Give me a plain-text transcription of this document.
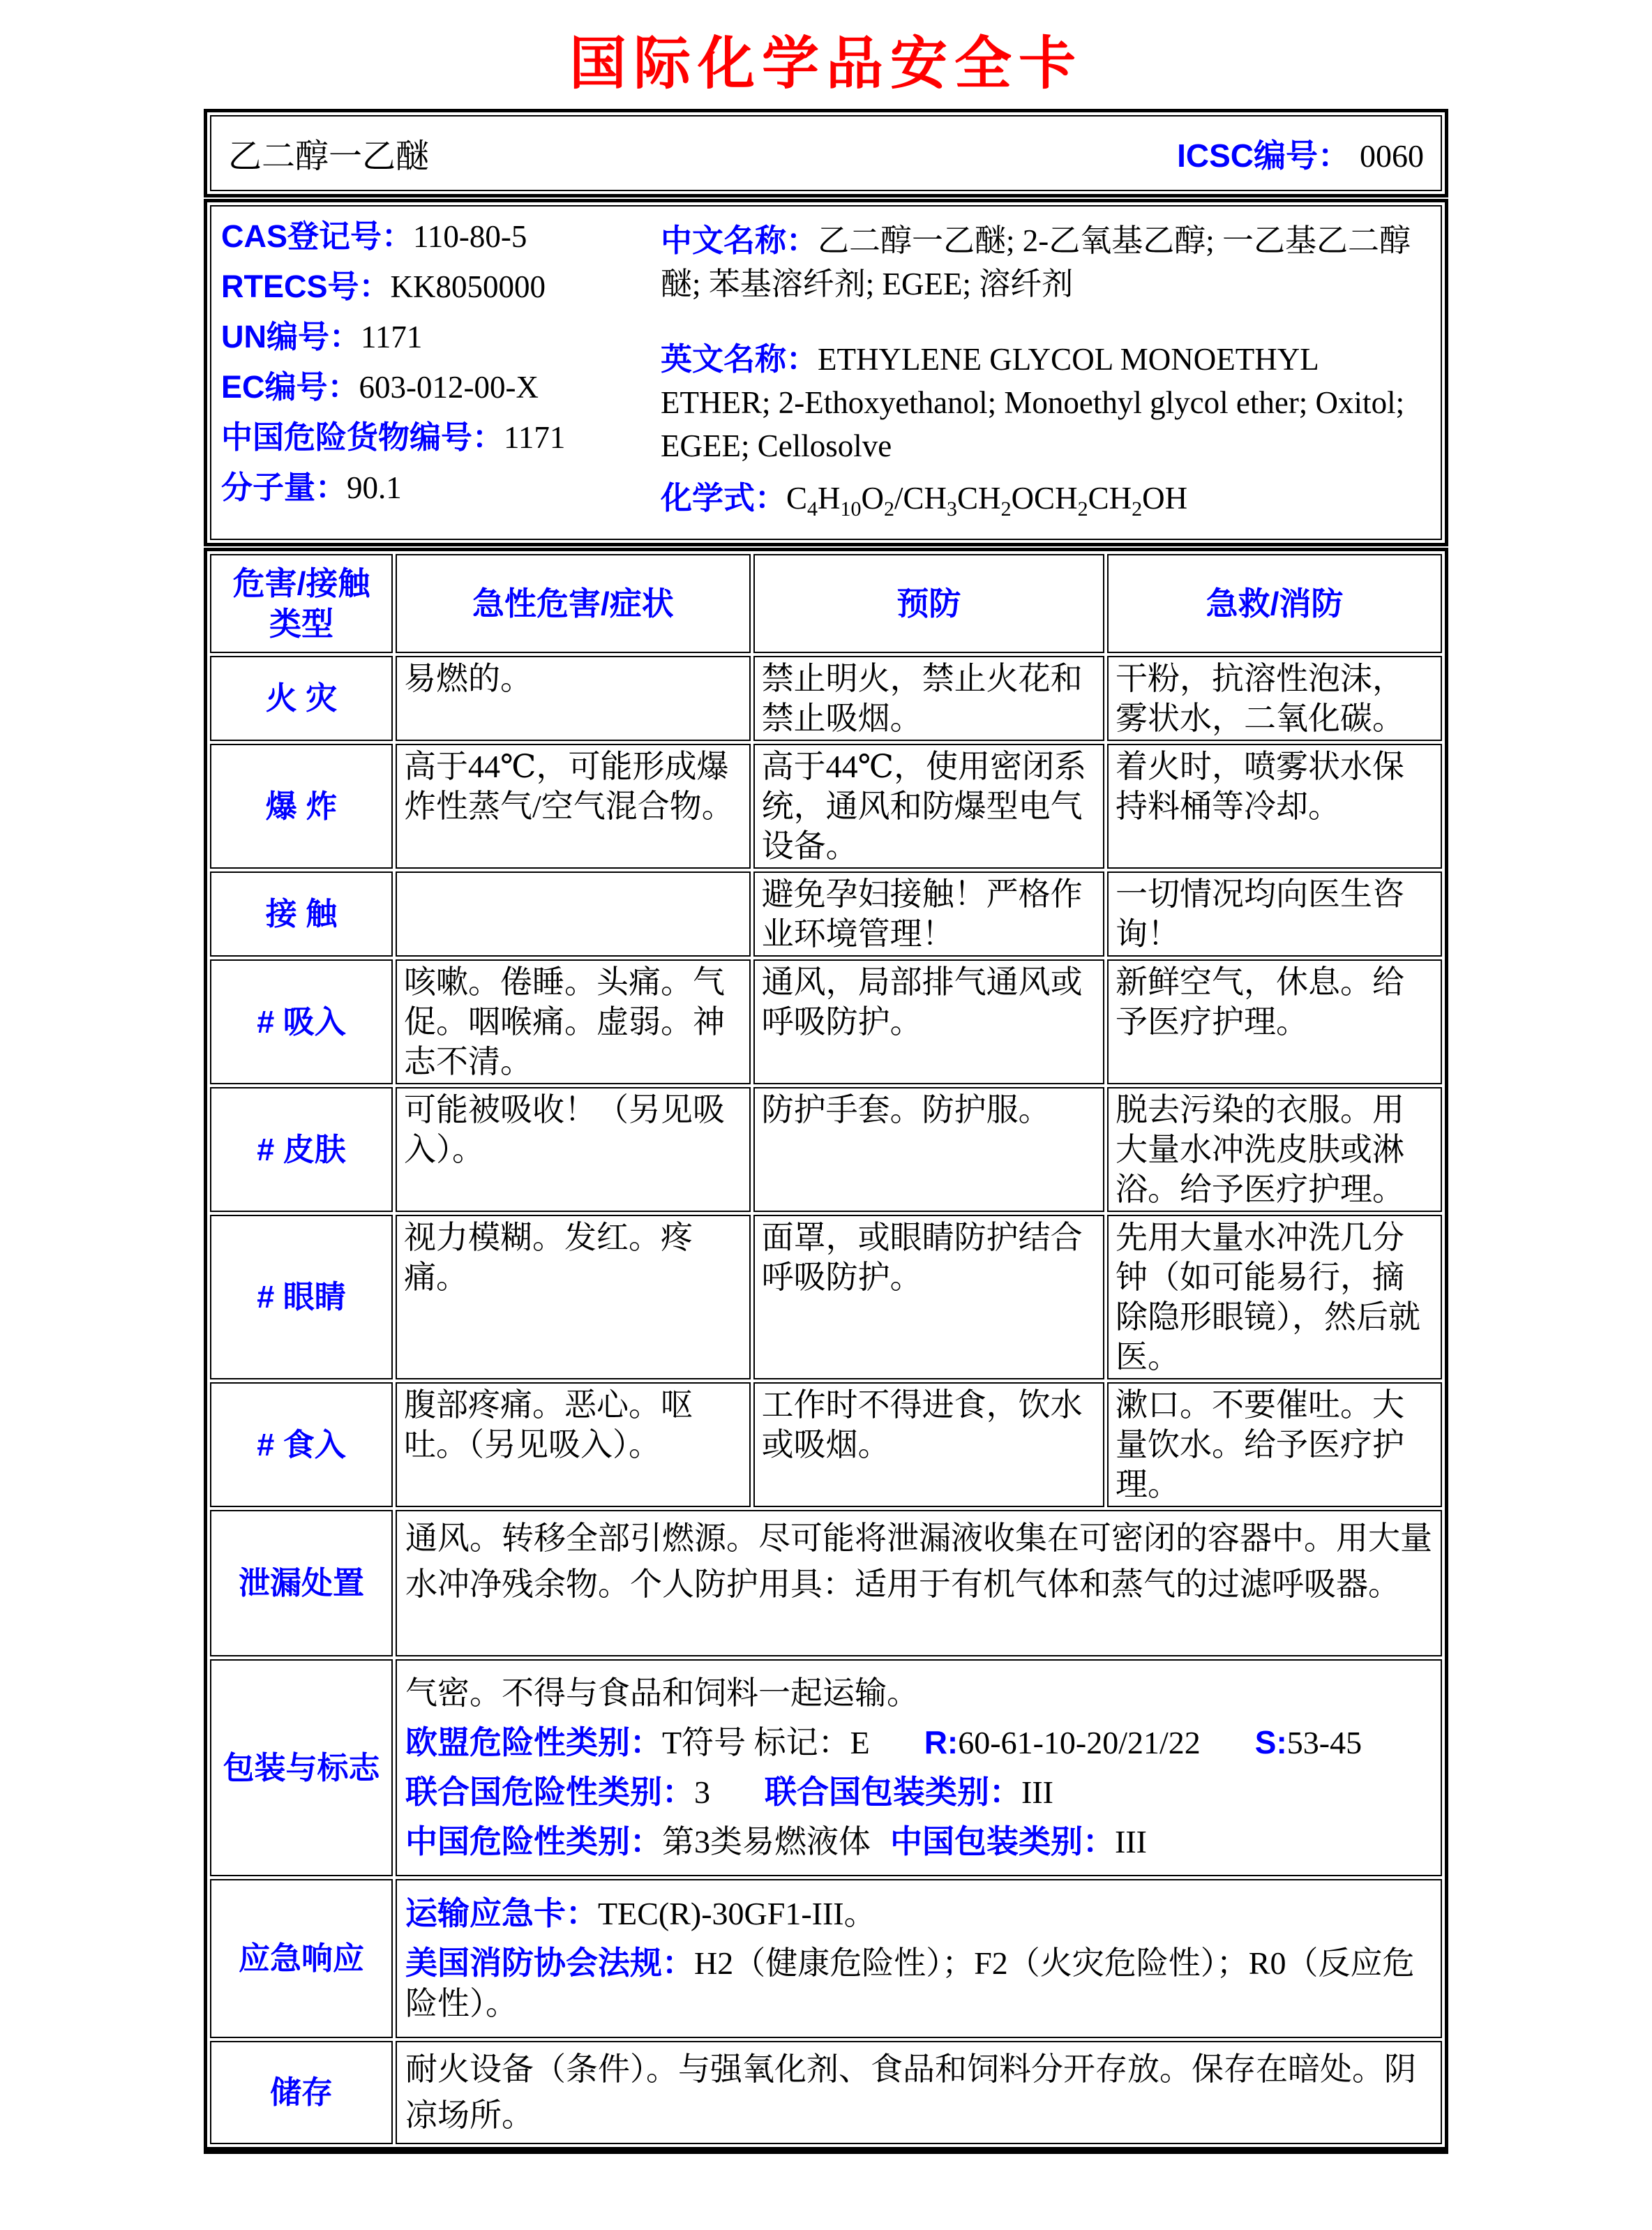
国际化学品安全卡
乙二醇一乙醚	ICSC编号： 0060
CAS登记号：110-80-5
RTECS号：KK8050000
UN编号：1171
EC编号：603-012-00-X
中国危险货物编号：1171
分子量：90.1

中文名称：乙二醇一乙醚; 2-乙氧基乙醇; 一乙基乙二醇醚; 苯基溶纤剂; EGEE; 溶纤剂

英文名称：ETHYLENE GLYCOL MONOETHYL ETHER; 2-Ethoxyethanol; Monoethyl glycol ether; Oxitol; EGEE; Cellosolve

化学式：$C_4H_{10}O_2/CH_3CH_2OCH_2CH_2OH$
危害/接触
类型	急性危害/症状	预防	急救/消防
火 灾	易燃的。	禁止明火，禁止火花和禁止吸烟。	干粉，抗溶性泡沫，雾状水，二氧化碳。
爆 炸	高于44℃，可能形成爆炸性蒸气/空气混合物。	高于44℃，使用密闭系统，通风和防爆型电气设备。	着火时，喷雾状水保持料桶等冷却。
接 触		避免孕妇接触！严格作业环境管理！	一切情况均向医生咨询！
# 吸入	咳嗽。倦睡。头痛。气促。咽喉痛。虚弱。神志不清。	通风，局部排气通风或呼吸防护。	新鲜空气，休息。给予医疗护理。
# 皮肤	可能被吸收！（另见吸入）。	防护手套。防护服。	脱去污染的衣服。用大量水冲洗皮肤或淋浴。给予医疗护理。
# 眼睛	视力模糊。发红。疼痛。	面罩，或眼睛防护结合呼吸防护。	先用大量水冲洗几分钟（如可能易行，摘除隐形眼镜），然后就医。
# 食入	腹部疼痛。恶心。呕吐。（另见吸入）。	工作时不得进食，饮水或吸烟。	漱口。不要催吐。大量饮水。给予医疗护理。
泄漏处置	通风。转移全部引燃源。尽可能将泄漏液收集在可密闭的容器中。用大量水冲净残余物。个人防护用具：适用于有机气体和蒸气的过滤呼吸器。		
包装与标志	气密。不得与食品和饲料一起运输。
欧盟危险性类别：T符号 标记：E R:60-61-10-20/21/22 S:53-45
联合国危险性类别：3 联合国包装类别：III
中国危险性类别：第3类易燃液体 中国包装类别：III		

应急响应	运输应急卡：TEC(R)-30GF1-III。
美国消防协会法规：H2（健康危险性）；F2（火灾危险性）；R0（反应危险性）。		

储存	耐火设备（条件）。与强氧化剂、食品和饲料分开存放。保存在暗处。阴凉场所。		
